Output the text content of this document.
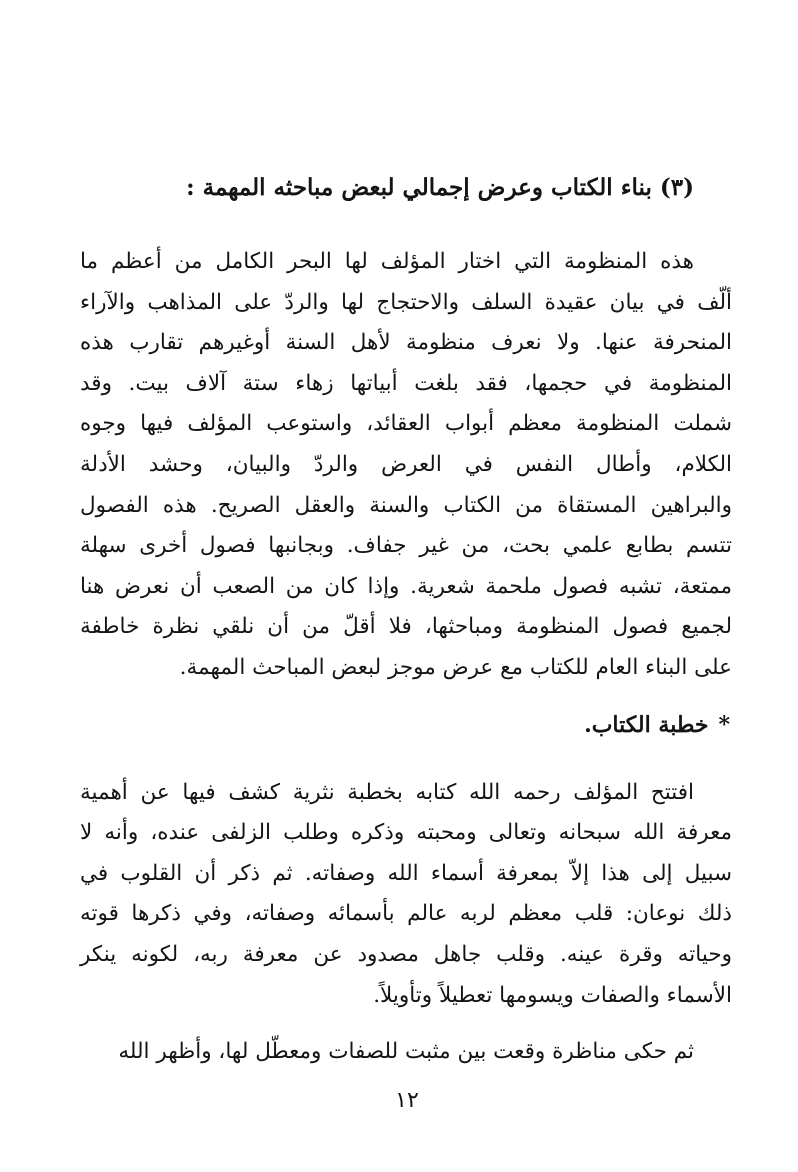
(٣) بناء الكتاب وعرض إجمالي لبعض مباحثه المهمة :

هذه المنظومة التي اختار المؤلف لها البحر الكامل من أعظم ما
ألّف في بيان عقيدة السلف والاحتجاج لها والردّ على المذاهب والآراء
المنحرفة عنها. ولا نعرف منظومة لأهل السنة أوغيرهم تقارب هذه
المنظومة في حجمها، فقد بلغت أبياتها زهاء ستة آلاف بيت. وقد
شملت المنظومة معظم أبواب العقائد، واستوعب المؤلف فيها وجوه
الكلام، وأطال النفس في العرض والردّ والبيان، وحشد الأدلة
والبراهين المستقاة من الكتاب والسنة والعقل الصريح. هذه الفصول
تتسم بطابع علمي بحت، من غير جفاف. وبجانبها فصول أخرى سهلة
ممتعة، تشبه فصول ملحمة شعرية. وإذا كان من الصعب أن نعرض هنا
لجميع فصول المنظومة ومباحثها، فلا أقلّ من أن نلقي نظرة خاطفة
على البناء العام للكتاب مع عرض موجز لبعض المباحث المهمة.

*خطبة الكتاب.

افتتح المؤلف رحمه الله كتابه بخطبة نثرية كشف فيها عن أهمية
معرفة الله سبحانه وتعالى ومحبته وذكره وطلب الزلفى عنده، وأنه لا
سبيل إلى هذا إلاّ بمعرفة أسماء الله وصفاته. ثم ذكر أن القلوب في
ذلك نوعان: قلب معظم لربه عالم بأسمائه وصفاته، وفي ذكرها قوته
وحياته وقرة عينه. وقلب جاهل مصدود عن معرفة ربه، لكونه ينكر
الأسماء والصفات ويسومها تعطيلاً وتأويلاً.

ثم حكى مناظرة وقعت بين مثبت للصفات ومعطّل لها، وأظهر الله

١٢
